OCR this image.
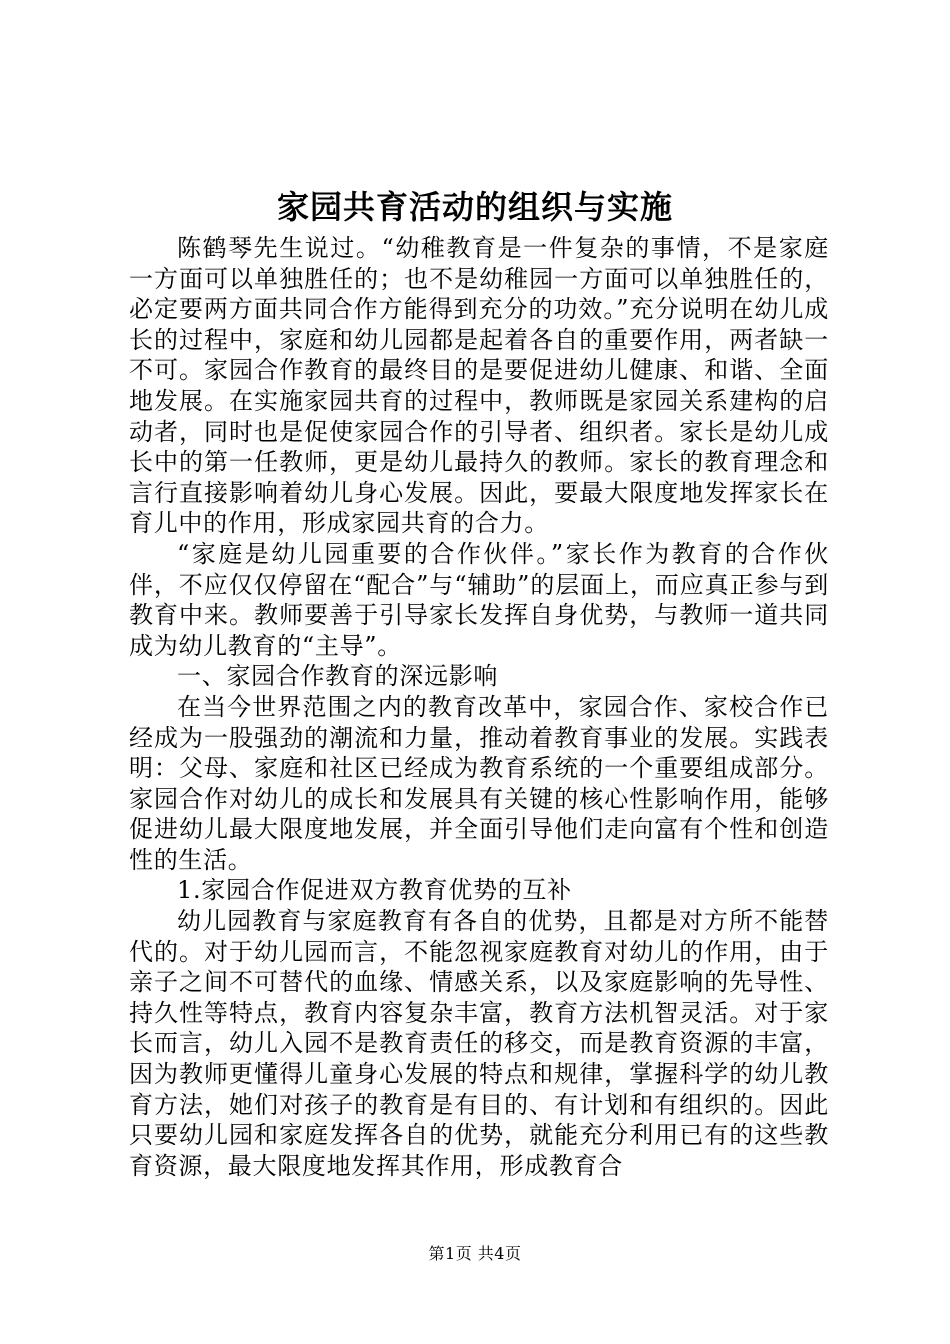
家园共育活动的组织与实施

陈鹤琴先生说过。“幼稚教育是一件复杂的事情，不是家庭一方面可以单独胜任的；也不是幼稚园一方面可以单独胜任的，必定要两方面共同合作方能得到充分的功效。”充分说明在幼儿成长的过程中，家庭和幼儿园都是起着各自的重要作用，两者缺一不可。家园合作教育的最终目的是要促进幼儿健康、和谐、全面地发展。在实施家园共育的过程中，教师既是家园关系建构的启动者，同时也是促使家园合作的引导者、组织者。家长是幼儿成长中的第一任教师，更是幼儿最持久的教师。家长的教育理念和言行直接影响着幼儿身心发展。因此，要最大限度地发挥家长在育儿中的作用，形成家园共育的合力。

“家庭是幼儿园重要的合作伙伴。”家长作为教育的合作伙伴，不应仅仅停留在“配合”与“辅助”的层面上，而应真正参与到教育中来。教师要善于引导家长发挥自身优势，与教师一道共同成为幼儿教育的“主导”。

一、家园合作教育的深远影响

在当今世界范围之内的教育改革中，家园合作、家校合作已经成为一股强劲的潮流和力量，推动着教育事业的发展。实践表明：父母、家庭和社区已经成为教育系统的一个重要组成部分。家园合作对幼儿的成长和发展具有关键的核心性影响作用，能够促进幼儿最大限度地发展，并全面引导他们走向富有个性和创造性的生活。

1.家园合作促进双方教育优势的互补

幼儿园教育与家庭教育有各自的优势，且都是对方所不能替代的。对于幼儿园而言，不能忽视家庭教育对幼儿的作用，由于亲子之间不可替代的血缘、情感关系，以及家庭影响的先导性、持久性等特点，教育内容复杂丰富，教育方法机智灵活。对于家长而言，幼儿入园不是教育责任的移交，而是教育资源的丰富，因为教师更懂得儿童身心发展的特点和规律，掌握科学的幼儿教育方法，她们对孩子的教育是有目的、有计划和有组织的。因此只要幼儿园和家庭发挥各自的优势，就能充分利用已有的这些教育资源，最大限度地发挥其作用，形成教育合

第1页 共4页
